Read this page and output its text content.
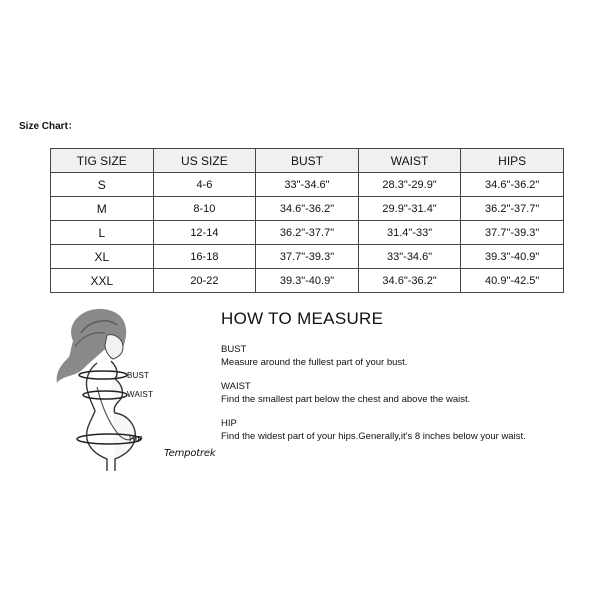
Size Chart：
TIG SIZE	US SIZE	BUST	WAIST	HIPS
S	4-6	33"-34.6"	28.3"-29.9"	34.6"-36.2"
M	8-10	34.6"-36.2"	29.9"-31.4"	36.2"-37.7"
L	12-14	36.2"-37.7"	31.4"-33"	37.7"-39.3"
XL	16-18	37.7"-39.3"	33"-34.6"	39.3"-40.9"
XXL	20-22	39.3"-40.9"	34.6"-36.2"	40.9"-42.5"
BUST
WAIST
HIP
Tempotrek
HOW TO MEASURE
BUST
Measure around the fullest part of your bust.
WAIST
Find the smallest part below the chest and above the waist.
HIP
Find the widest part of your hips.Generally,it's 8 inches below your waist.
